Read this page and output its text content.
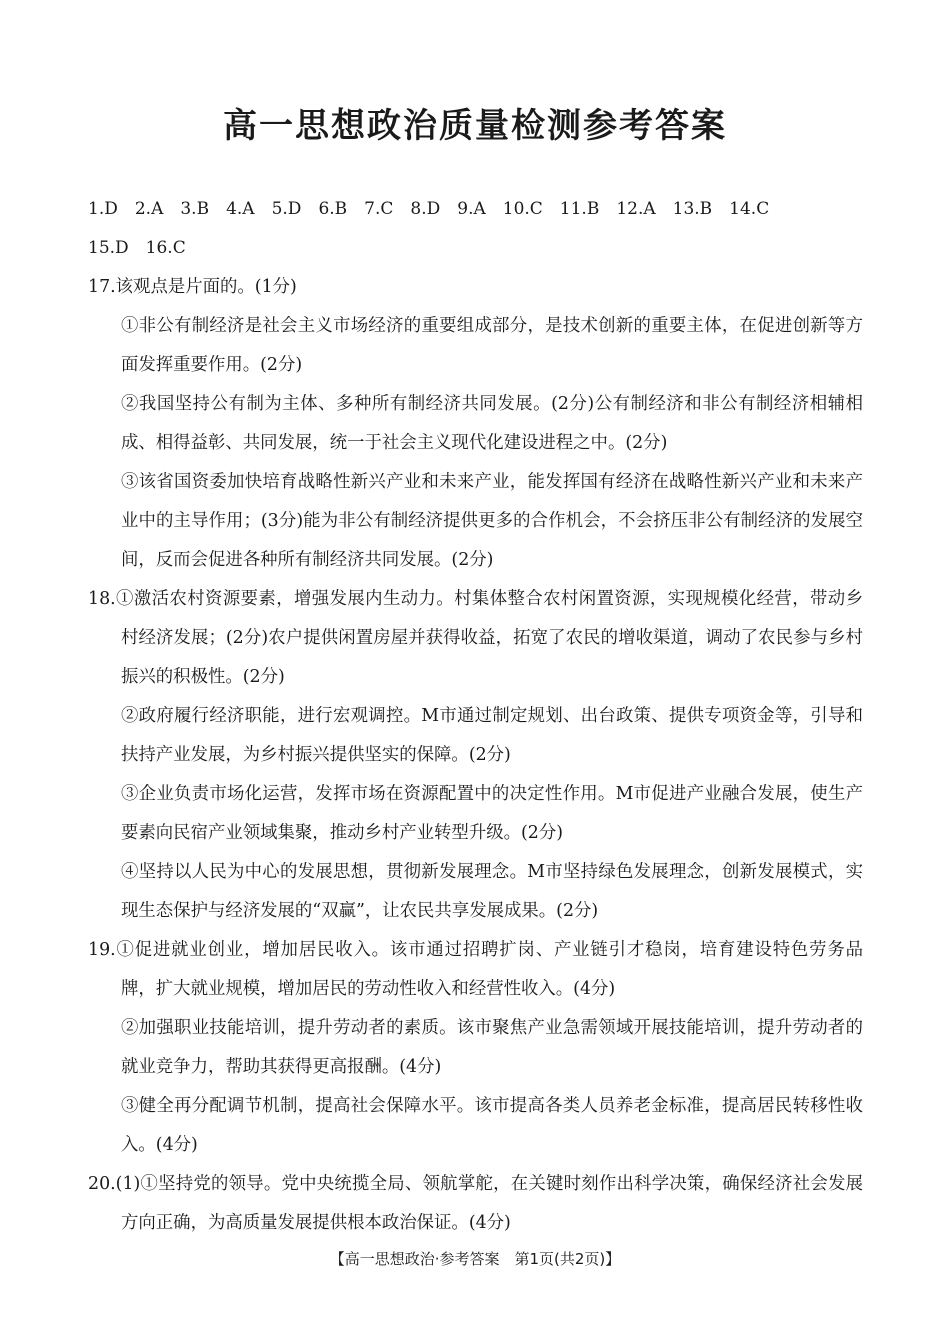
高一思想政治质量检测参考答案
1.D 2.A 3.B 4.A 5.D 6.B 7.C 8.D 9.A 10.C 11.B 12.A 13.B 14.C
15.D 16.C

17.该观点是片面的。(1分)

①非公有制经济是社会主义市场经济的重要组成部分，是技术创新的重要主体，在促进创新等方面发挥重要作用。(2分)

②我国坚持公有制为主体、多种所有制经济共同发展。(2分)公有制经济和非公有制经济相辅相成、相得益彰、共同发展，统一于社会主义现代化建设进程之中。(2分)

③该省国资委加快培育战略性新兴产业和未来产业，能发挥国有经济在战略性新兴产业和未来产业中的主导作用；(3分)能为非公有制经济提供更多的合作机会，不会挤压非公有制经济的发展空间，反而会促进各种所有制经济共同发展。(2分)

18.①激活农村资源要素，增强发展内生动力。村集体整合农村闲置资源，实现规模化经营，带动乡村经济发展；(2分)农户提供闲置房屋并获得收益，拓宽了农民的增收渠道，调动了农民参与乡村振兴的积极性。(2分)

②政府履行经济职能，进行宏观调控。M市通过制定规划、出台政策、提供专项资金等，引导和扶持产业发展，为乡村振兴提供坚实的保障。(2分)

③企业负责市场化运营，发挥市场在资源配置中的决定性作用。M市促进产业融合发展，使生产要素向民宿产业领域集聚，推动乡村产业转型升级。(2分)

④坚持以人民为中心的发展思想，贯彻新发展理念。M市坚持绿色发展理念，创新发展模式，实现生态保护与经济发展的“双赢”，让农民共享发展成果。(2分)

19.①促进就业创业，增加居民收入。该市通过招聘扩岗、产业链引才稳岗，培育建设特色劳务品牌，扩大就业规模，增加居民的劳动性收入和经营性收入。(4分)

②加强职业技能培训，提升劳动者的素质。该市聚焦产业急需领域开展技能培训，提升劳动者的就业竞争力，帮助其获得更高报酬。(4分)

③健全再分配调节机制，提高社会保障水平。该市提高各类人员养老金标准，提高居民转移性收入。(4分)

20.(1)①坚持党的领导。党中央统揽全局、领航掌舵，在关键时刻作出科学决策，确保经济社会发展方向正确，为高质量发展提供根本政治保证。(4分)

【高一思想政治·参考答案　第1页(共2页)】
